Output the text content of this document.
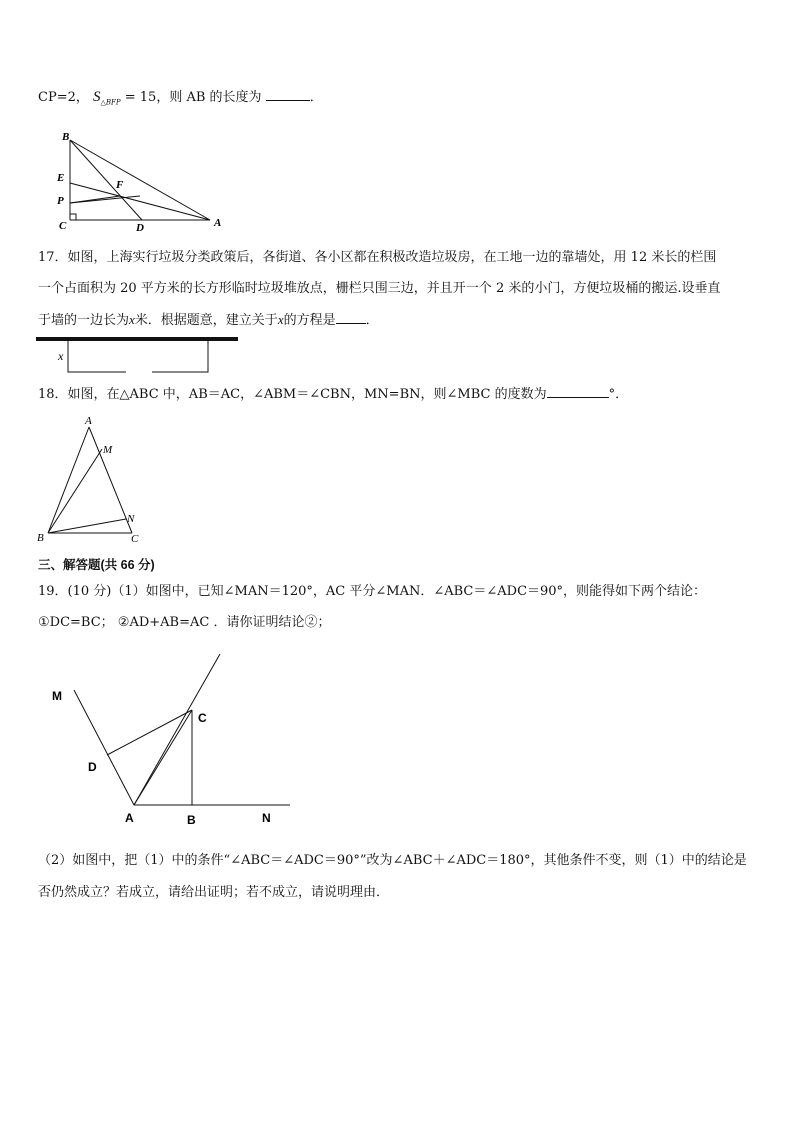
CP=2， $S_{\triangle BFP} = 15$，则 AB 的长度为	．
B
E
F
P
C	D	A
17．如图，上海实行垃圾分类政策后，各街道、各小区都在积极改造垃圾房，在工地一边的靠墙处，用 12 米长的栏围
一个占面积为 20 平方米的长方形临时垃圾堆放点，栅栏只围三边，并且开一个 2 米的小门，方便垃圾桶的搬运.设垂直
于墙的一边长为x米．根据题意，建立关于x的方程是 ．
x
18．如图，在△ABC 中，AB＝AC，∠ABM＝∠CBN，MN=BN，则∠MBC 的度数为	°．
A
M
B
N
C
三、解答题(共 66 分)
19．(10 分)（1）如图中，已知∠MAN＝120°，AC 平分∠MAN．∠ABC＝∠ADC＝90°，则能得如下两个结论：
①DC=BC； ②AD+AB=AC ．请你证明结论②；
M
C
D
A	B	N
（2）如图中，把（1）中的条件“∠ABC＝∠ADC＝90°”改为∠ABC＋∠ADC＝180°，其他条件不变，则（1）中的结论是
否仍然成立？若成立，请给出证明；若不成立，请说明理由．
